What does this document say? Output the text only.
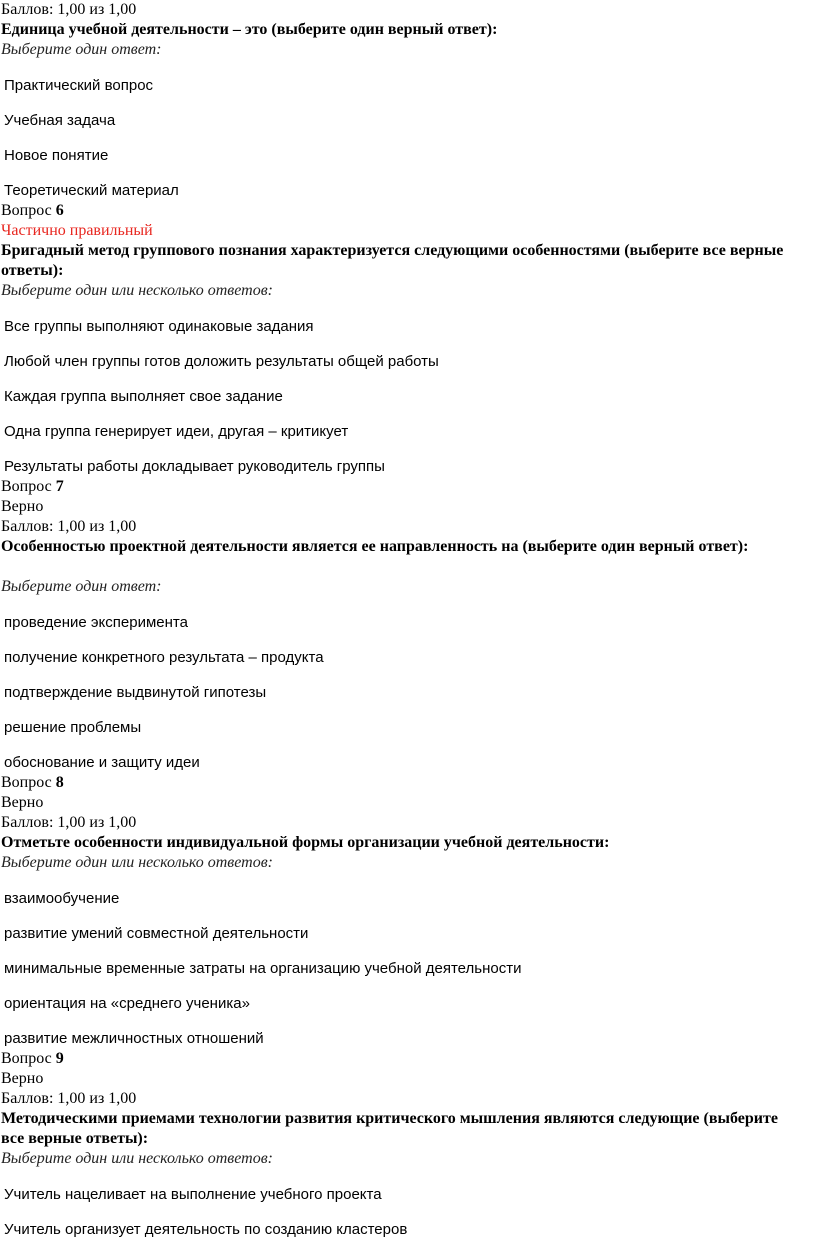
Баллов: 1,00 из 1,00
Единица учебной деятельности – это (выберите один верный ответ):
Выберите один ответ:
Практический вопрос
Учебная задача
Новое понятие
Теоретический материал
Вопрос 6
Частично правильный
Бригадный метод группового познания характеризуется следующими особенностями (выберите все верные ответы):
Выберите один или несколько ответов:
Все группы выполняют одинаковые задания
Любой член группы готов доложить результаты общей работы
Каждая группа выполняет свое задание
Одна группа генерирует идеи, другая – критикует
Результаты работы докладывает руководитель группы
Вопрос 7
Верно
Баллов: 1,00 из 1,00
Особенностью проектной деятельности является ее направленность на (выберите один верный ответ):
Выберите один ответ:
проведение эксперимента
получение конкретного результата – продукта
подтверждение выдвинутой гипотезы
решение проблемы
обоснование и защиту идеи
Вопрос 8
Верно
Баллов: 1,00 из 1,00
Отметьте особенности индивидуальной формы организации учебной деятельности:
Выберите один или несколько ответов:
взаимообучение
развитие умений совместной деятельности
минимальные временные затраты на организацию учебной деятельности
ориентация на «среднего ученика»
развитие межличностных отношений
Вопрос 9
Верно
Баллов: 1,00 из 1,00
Методическими приемами технологии развития критического мышления являются следующие (выберите все верные ответы):
Выберите один или несколько ответов:
Учитель нацеливает на выполнение учебного проекта
Учитель организует деятельность по созданию кластеров
